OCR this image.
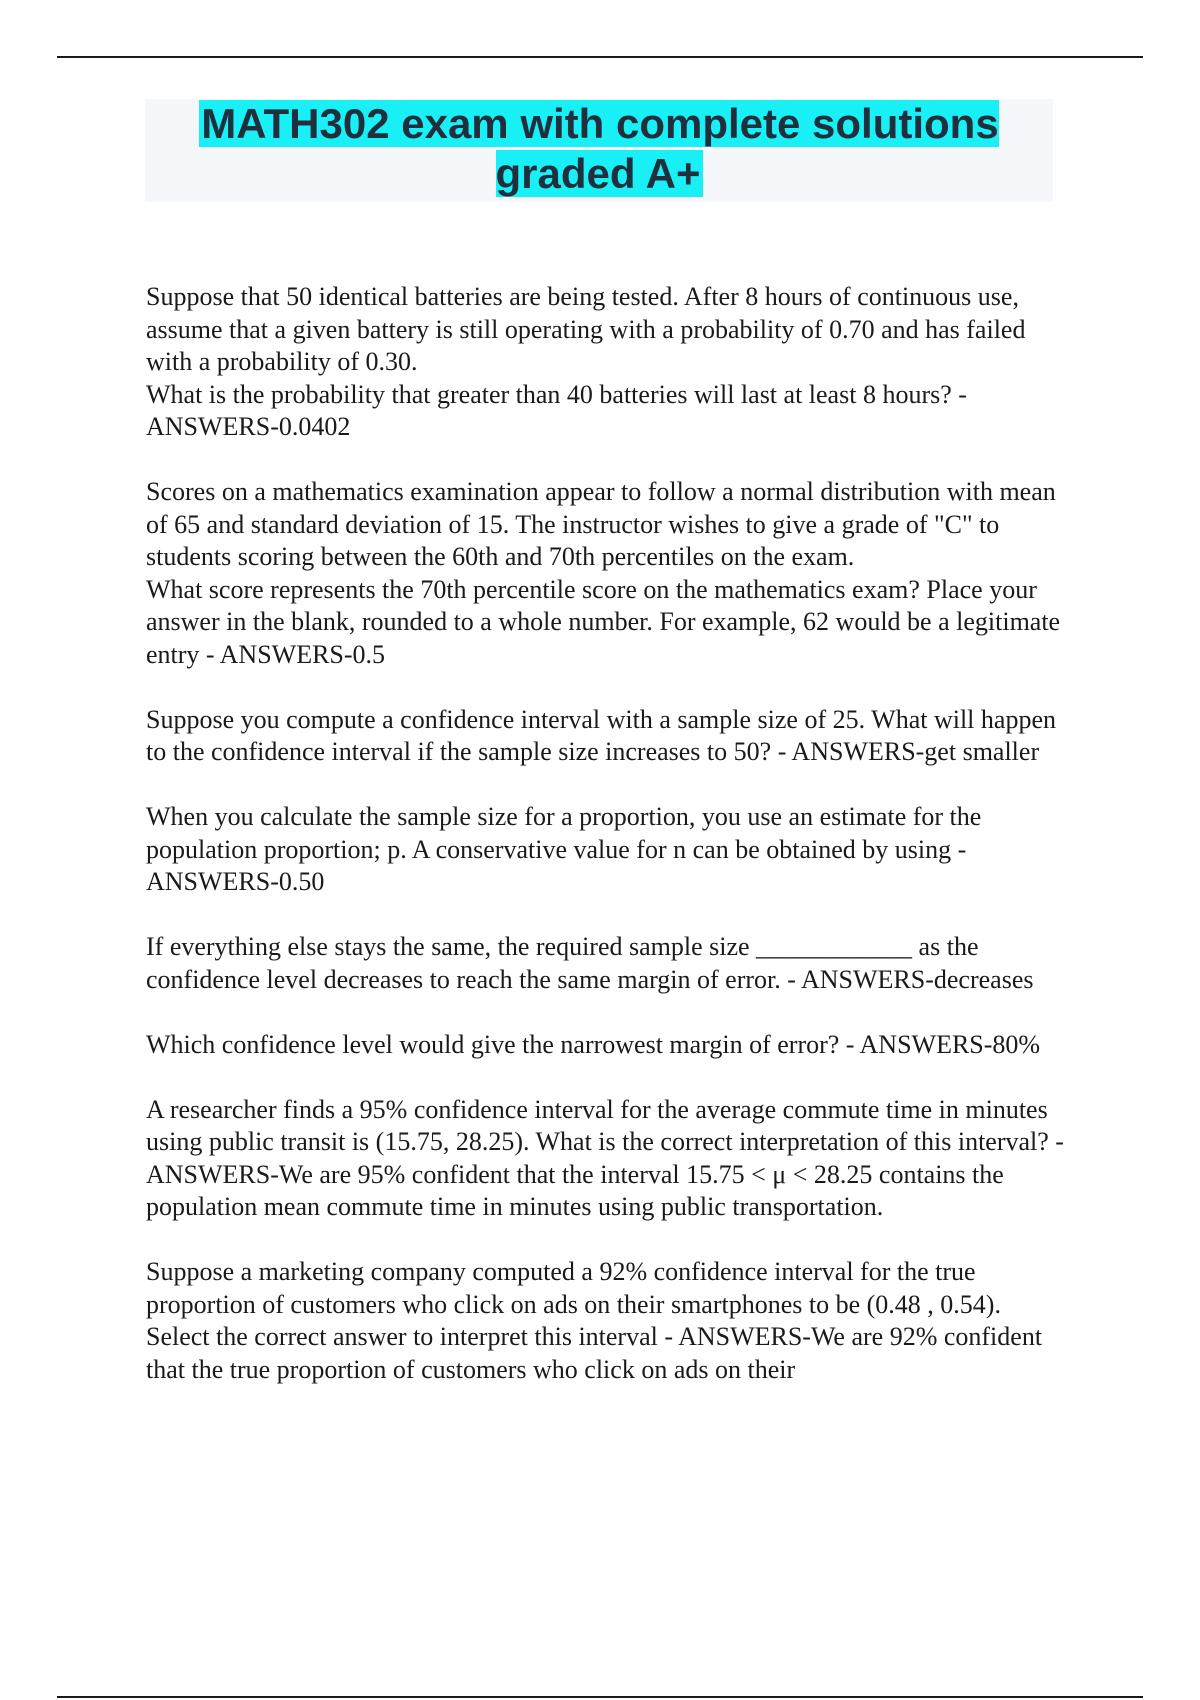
MATH302 exam with complete solutions graded A+
Suppose that 50 identical batteries are being tested. After 8 hours of continuous use, assume that a given battery is still operating with a probability of 0.70 and has failed with a probability of 0.30.
What is the probability that greater than 40 batteries will last at least 8 hours? - ANSWERS-0.0402
Scores on a mathematics examination appear to follow a normal distribution with mean of 65 and standard deviation of 15. The instructor wishes to give a grade of "C" to students scoring between the 60th and 70th percentiles on the exam.
What score represents the 70th percentile score on the mathematics exam? Place your answer in the blank, rounded to a whole number. For example, 62 would be a legitimate entry - ANSWERS-0.5
Suppose you compute a confidence interval with a sample size of 25. What will happen to the confidence interval if the sample size increases to 50? - ANSWERS-get smaller
When you calculate the sample size for a proportion, you use an estimate for the population proportion; p. A conservative value for n can be obtained by using - ANSWERS-0.50
If everything else stays the same, the required sample size ____________ as the confidence level decreases to reach the same margin of error. - ANSWERS-decreases
Which confidence level would give the narrowest margin of error? - ANSWERS-80%
A researcher finds a 95% confidence interval for the average commute time in minutes using public transit is (15.75, 28.25). What is the correct interpretation of this interval? - ANSWERS-We are 95% confident that the interval 15.75 < μ < 28.25 contains the population mean commute time in minutes using public transportation.
Suppose a marketing company computed a 92% confidence interval for the true proportion of customers who click on ads on their smartphones to be (0.48 , 0.54). Select the correct answer to interpret this interval - ANSWERS-We are 92% confident that the true proportion of customers who click on ads on their
